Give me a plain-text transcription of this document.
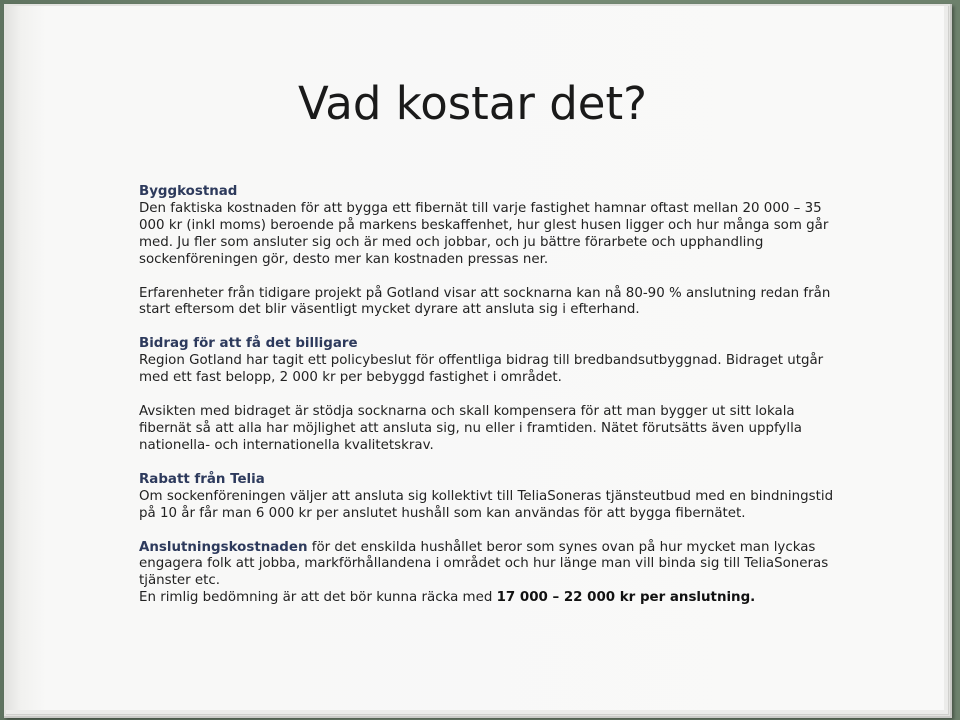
Vad kostar det?

Byggkostnad
Den faktiska kostnaden för att bygga ett fibernät till varje fastighet hamnar oftast mellan 20 000 – 35 000 kr (inkl moms) beroende på markens beskaffenhet, hur glest husen ligger och hur många som går med. Ju fler som ansluter sig och är med och jobbar, och ju bättre förarbete och upphandling sockenföreningen gör, desto mer kan kostnaden pressas ner.

Erfarenheter från tidigare projekt på Gotland visar att socknarna kan nå 80-90 % anslutning redan från start eftersom det blir väsentligt mycket dyrare att ansluta sig i efterhand.

Bidrag för att få det billigare
Region Gotland har tagit ett policybeslut för offentliga bidrag till bredbandsutbyggnad. Bidraget utgår med ett fast belopp, 2 000 kr per bebyggd fastighet i området.

Avsikten med bidraget är stödja socknarna och skall kompensera för att man bygger ut sitt lokala fibernät så att alla har möjlighet att ansluta sig, nu eller i framtiden. Nätet förutsätts även uppfylla nationella- och internationella kvalitetskrav.

Rabatt från Telia
Om sockenföreningen väljer att ansluta sig kollektivt till TeliaSoneras tjänsteutbud med en bindningstid på 10 år får man 6 000 kr per anslutet hushåll som kan användas för att bygga fibernätet.

Anslutningskostnaden för det enskilda hushållet beror som synes ovan på hur mycket man lyckas engagera folk att jobba, markförhållandena i området och hur länge man vill binda sig till TeliaSoneras tjänster etc.
En rimlig bedömning är att det bör kunna räcka med 17 000 – 22 000 kr per anslutning.
